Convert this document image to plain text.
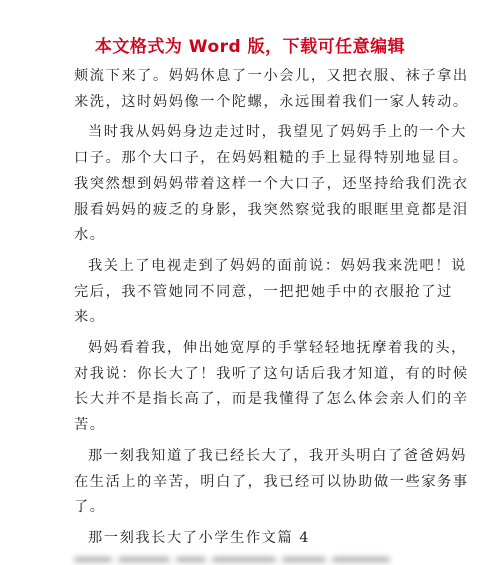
本文格式为 Word 版，下载可任意编辑

颊流下来了。妈妈休息了一小会儿，又把衣服、袜子拿出
来洗，这时妈妈像一个陀螺，永远围着我们一家人转动。

当时我从妈妈身边走过时，我望见了妈妈手上的一个大
口子。那个大口子，在妈妈粗糙的手上显得特别地显目。
我突然想到妈妈带着这样一个大口子，还坚持给我们洗衣
服看妈妈的疲乏的身影，我突然察觉我的眼眶里竟都是泪
水。

我关上了电视走到了妈妈的面前说：妈妈我来洗吧！说
完后，我不管她同不同意，一把把她手中的衣服抢了过
来。

妈妈看着我，伸出她宽厚的手掌轻轻地抚摩着我的头，
对我说：你长大了！我听了这句话后我才知道，有的时候
长大并不是指长高了，而是我懂得了怎么体会亲人们的辛
苦。

那一刻我知道了我已经长大了，我开头明白了爸爸妈妈
在生活上的辛苦，明白了，我已经可以协助做一些家务事
了。

那一刻我长大了小学生作文篇 4
